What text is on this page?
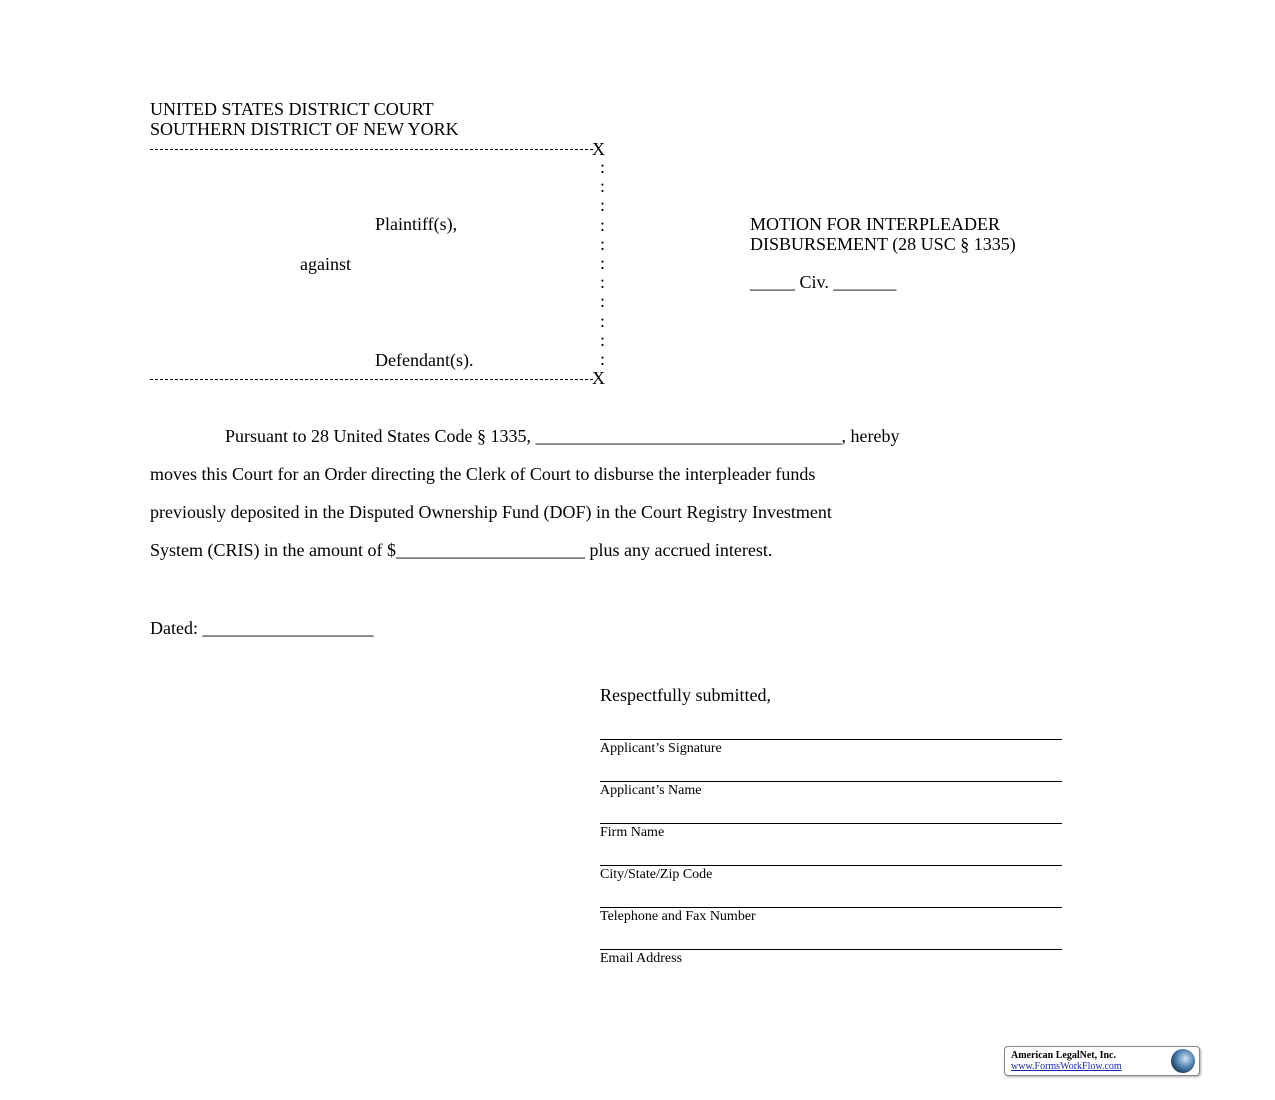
UNITED STATES DISTRICT COURT
SOUTHERN DISTRICT OF NEW YORK
X
:
:
:
:
:
:
:
:
:
:
:
X
Plaintiff(s),
against
Defendant(s).
MOTION FOR INTERPLEADER
DISBURSEMENT (28 USC § 1335)
_____ Civ. _______
Pursuant to 28 United States Code § 1335, __________________________________, hereby
moves this Court for an Order directing the Clerk of Court to disburse the interpleader funds
previously deposited in the Disputed Ownership Fund (DOF) in the Court Registry Investment
System (CRIS) in the amount of $_____________________ plus any accrued interest.
Dated: ___________________
Respectfully submitted,
Applicant’s Signature
Applicant’s Name
Firm Name
City/State/Zip Code
Telephone and Fax Number
Email Address
American LegalNet, Inc.
www.FormsWorkFlow.com
